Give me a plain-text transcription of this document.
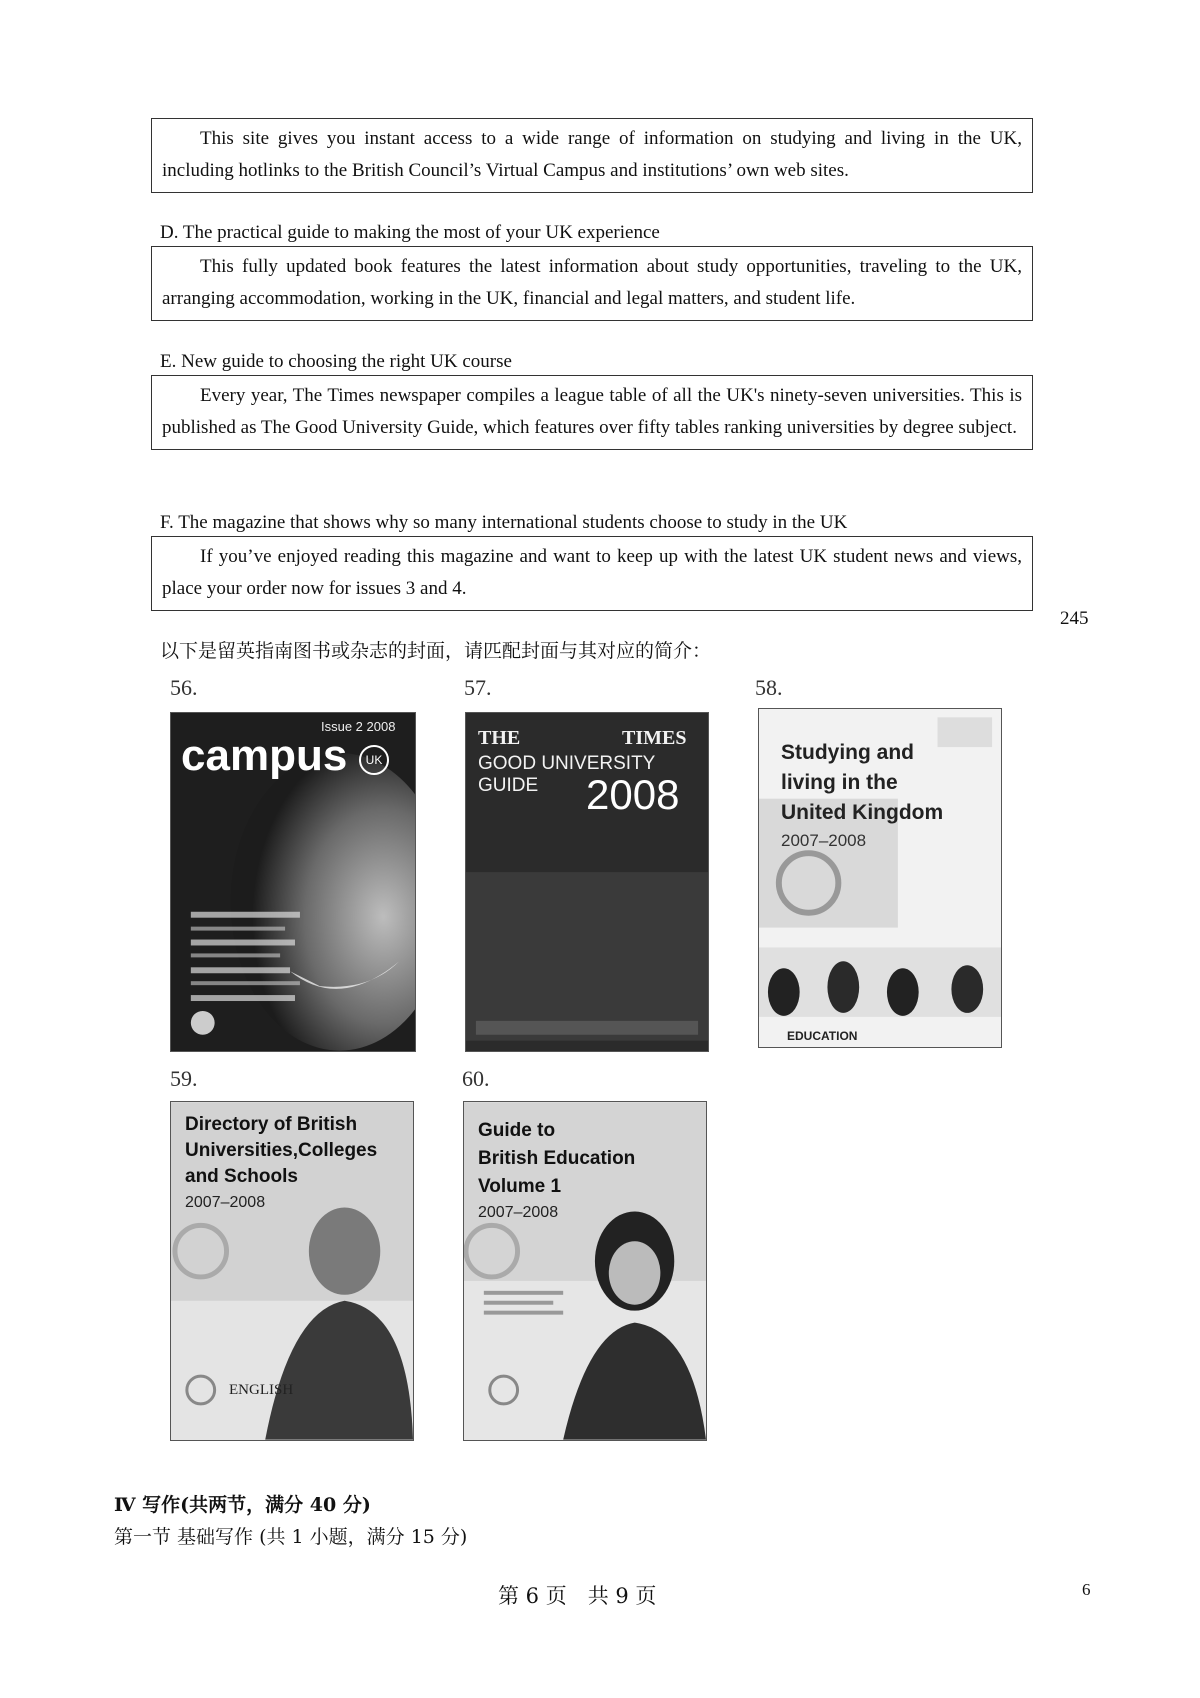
This site gives you instant access to a wide range of information on studying and living in the UK, including hotlinks to the British Council’s Virtual Campus and institutions’ own web sites.

D. The practical guide to making the most of your UK experience

This fully updated book features the latest information about study opportunities, traveling to the UK, arranging accommodation, working in the UK, financial and legal matters, and student life.

E. New guide to choosing the right UK course

Every year, The Times newspaper compiles a league table of all the UK's ninety-seven universities. This is published as The Good University Guide, which features over fifty tables ranking universities by degree subject.

F. The magazine that shows why so many international students choose to study in the UK

If you’ve enjoyed reading this magazine and want to keep up with the latest UK student news and views, place your order now for issues 3 and 4.

245
以下是留英指南图书或杂志的封面，请匹配封面与其对应的简介：
56.
Issue 2 2008
campus	UK
57.
THE	TIMES
GOOD UNIVERSITY
GUIDE 2008
58.
Studying and
living in the
United Kingdom
2007–2008
EDUCATION
59.
Directory of British
Universities,Colleges
and Schools
2007–2008
ENGLISH
60.
Guide to
British Education
Volume 1
2007–2008
Ⅳ 写作(共两节，满分 40 分)
第一节 基础写作 (共 1 小题，满分 15 分)
第 6 页　共 9 页	6
